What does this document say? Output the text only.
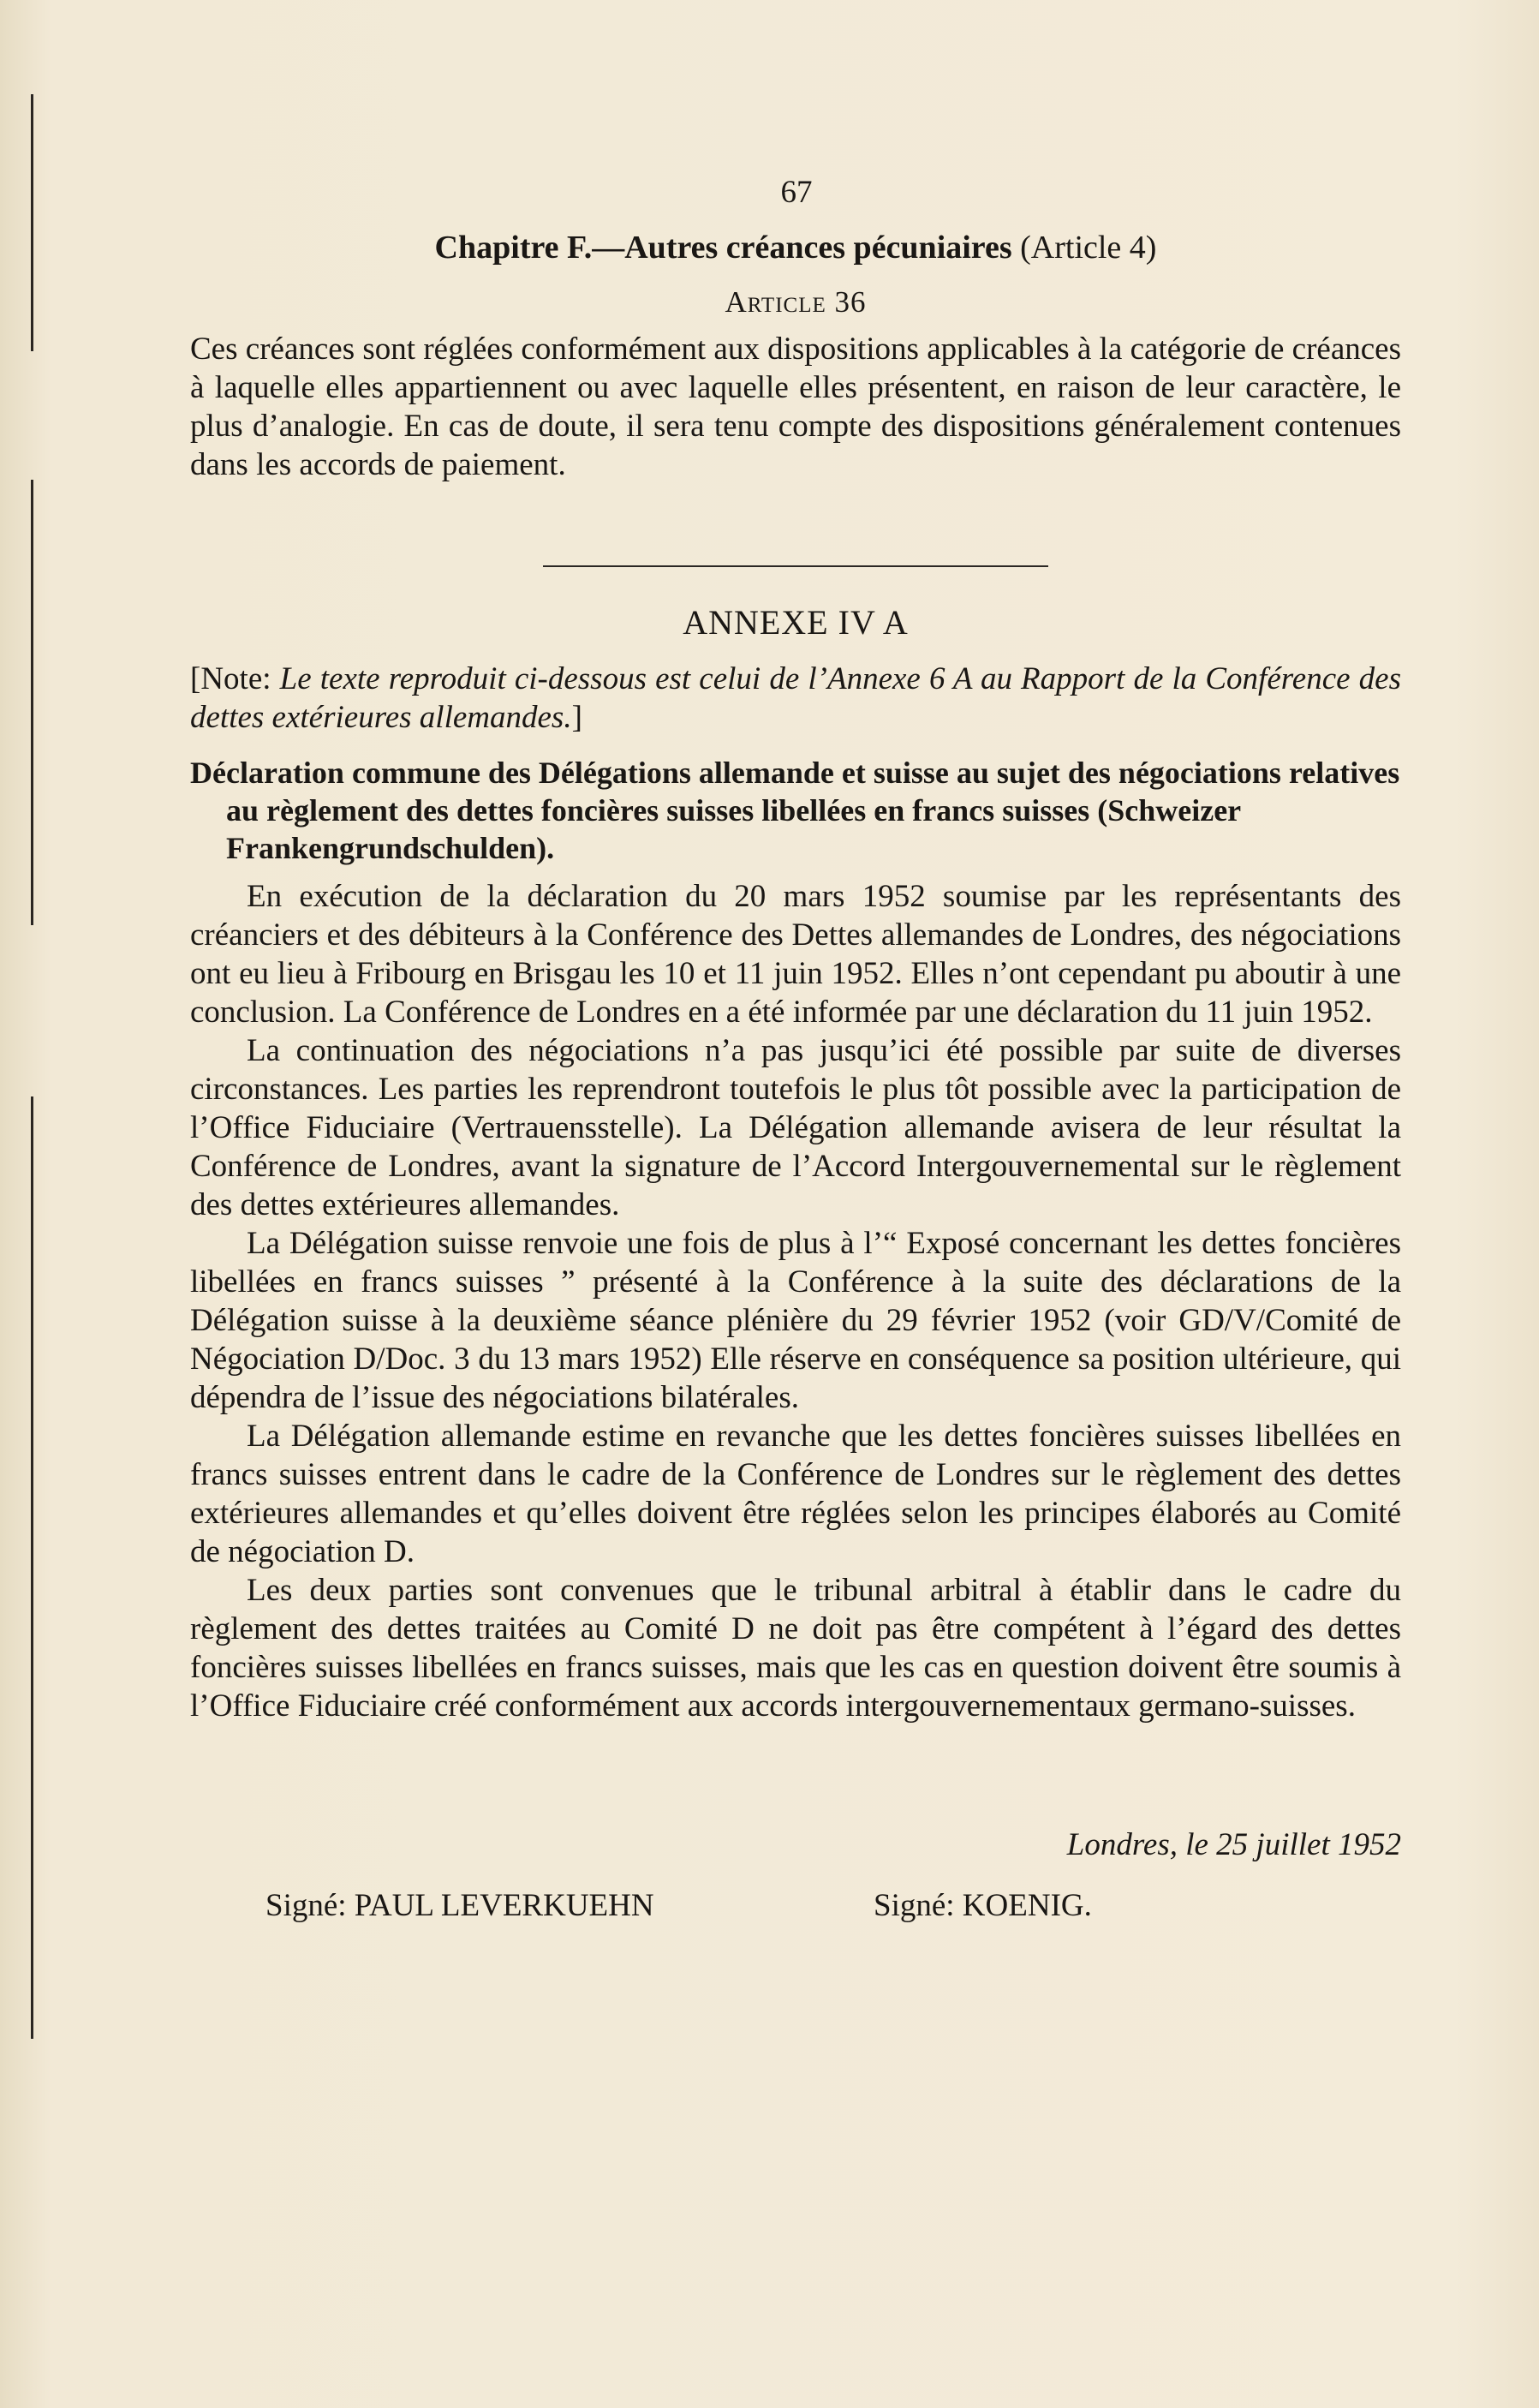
67
Chapitre F.—Autres créances pécuniaires (Article 4)
Article 36

Ces créances sont réglées conformément aux dispositions applicables à la catégorie de créances à laquelle elles appartiennent ou avec laquelle elles présentent, en raison de leur caractère, le plus d’analogie. En cas de doute, il sera tenu compte des dispositions généralement contenues dans les accords de paiement.

ANNEXE IV A

[Note: Le texte reproduit ci-dessous est celui de l’Annexe 6 A au Rapport de la Conférence des dettes extérieures allemandes.]

Déclaration commune des Délégations allemande et suisse au sujet des négociations relatives au règlement des dettes foncières suisses libellées en francs suisses (Schweizer Frankengrundschulden).

En exécution de la déclaration du 20 mars 1952 soumise par les représentants des créanciers et des débiteurs à la Conférence des Dettes allemandes de Londres, des négociations ont eu lieu à Fribourg en Brisgau les 10 et 11 juin 1952. Elles n’ont cependant pu aboutir à une conclusion. La Conférence de Londres en a été informée par une déclaration du 11 juin 1952.

La continuation des négociations n’a pas jusqu’ici été possible par suite de diverses circonstances. Les parties les reprendront toutefois le plus tôt possible avec la participation de l’Office Fiduciaire (Vertrauensstelle). La Délégation allemande avisera de leur résultat la Conférence de Londres, avant la signature de l’Accord Intergouvernemental sur le règlement des dettes extérieures allemandes.

La Délégation suisse renvoie une fois de plus à l’“ Exposé concernant les dettes foncières libellées en francs suisses ” présenté à la Conférence à la suite des déclarations de la Délégation suisse à la deuxième séance plénière du 29 février 1952 (voir GD/V/Comité de Négociation D/Doc. 3 du 13 mars 1952) Elle réserve en conséquence sa position ultérieure, qui dépendra de l’issue des négociations bilatérales.

La Délégation allemande estime en revanche que les dettes foncières suisses libellées en francs suisses entrent dans le cadre de la Conférence de Londres sur le règlement des dettes extérieures allemandes et qu’elles doivent être réglées selon les principes élaborés au Comité de négociation D.

Les deux parties sont convenues que le tribunal arbitral à établir dans le cadre du règlement des dettes traitées au Comité D ne doit pas être compétent à l’égard des dettes foncières suisses libellées en francs suisses, mais que les cas en question doivent être soumis à l’Office Fiduciaire créé conformément aux accords intergouvernementaux germano-suisses.

Londres, le 25 juillet 1952
Signé: PAUL LEVERKUEHN	Signé: KOENIG.
